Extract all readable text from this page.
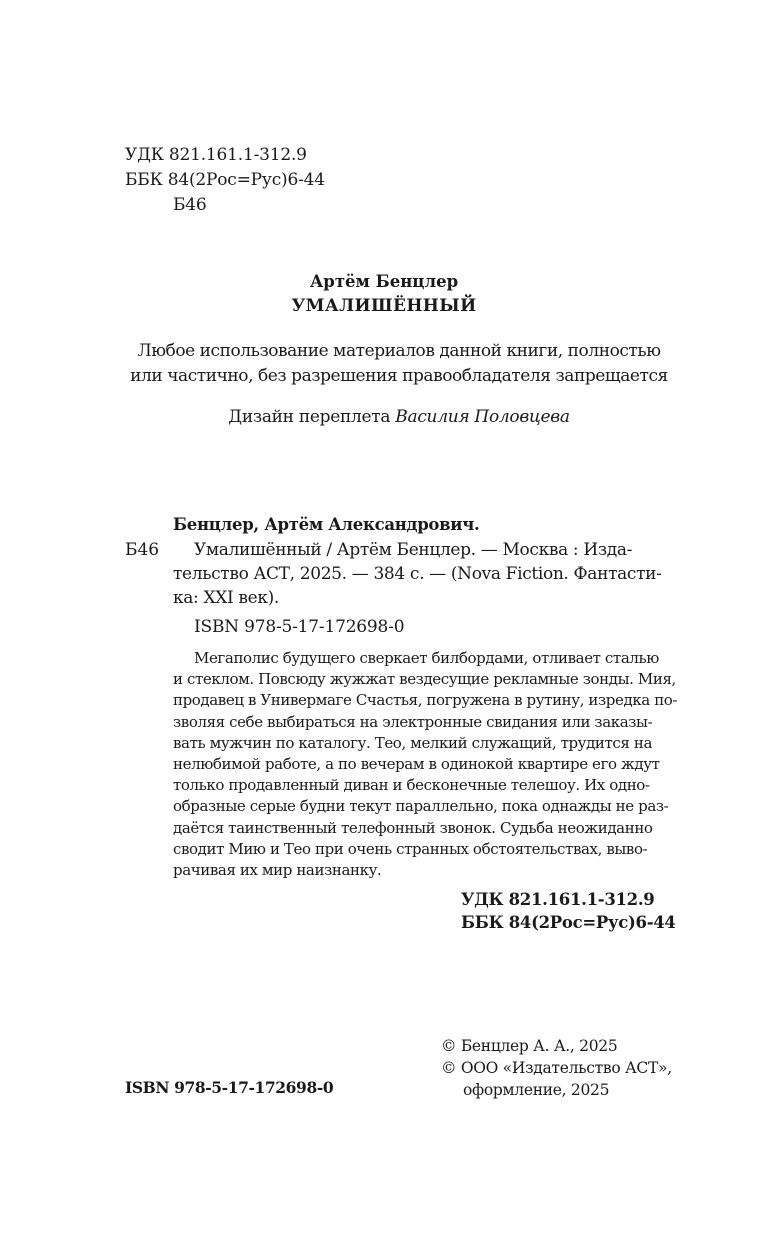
УДК 821.161.1-312.9

ББК 84(2Рос=Рус)6-44

Б46

Артём Бенцлер

УМАЛИШЁННЫЙ

Любое использование материалов данной книги, полностью

или частично, без разрешения правообладателя запрещается

Дизайн переплета Василия Половцева

Бенцлер, Артём Александрович.

Б46 Умалишённый / Артём Бенцлер. — Москва : Изда-

тельство АСТ, 2025. — 384 с. — (Nova Fiction. Фантасти-

ка: XXI век).

ISBN 978-5-17-172698-0

Мегаполис будущего сверкает билбордами, отливает сталью

и стеклом. Повсюду жужжат вездесущие рекламные зонды. Мия,

продавец в Универмаге Счастья, погружена в рутину, изредка по-

зволяя себе выбираться на электронные свидания или заказы-

вать мужчин по каталогу. Тео, мелкий служащий, трудится на

нелюбимой работе, а по вечерам в одинокой квартире его ждут

только продавленный диван и бесконечные телешоу. Их одно-

образные серые будни текут параллельно, пока однажды не раз-

даётся таинственный телефонный звонок. Судьба неожиданно

сводит Мию и Тео при очень странных обстоятельствах, выво-

рачивая их мир наизнанку.

УДК 821.161.1-312.9

ББК 84(2Рос=Рус)6-44

© Бенцлер А. А., 2025

© ООО «Издательство АСТ»,

оформление, 2025

ISBN 978-5-17-172698-0
